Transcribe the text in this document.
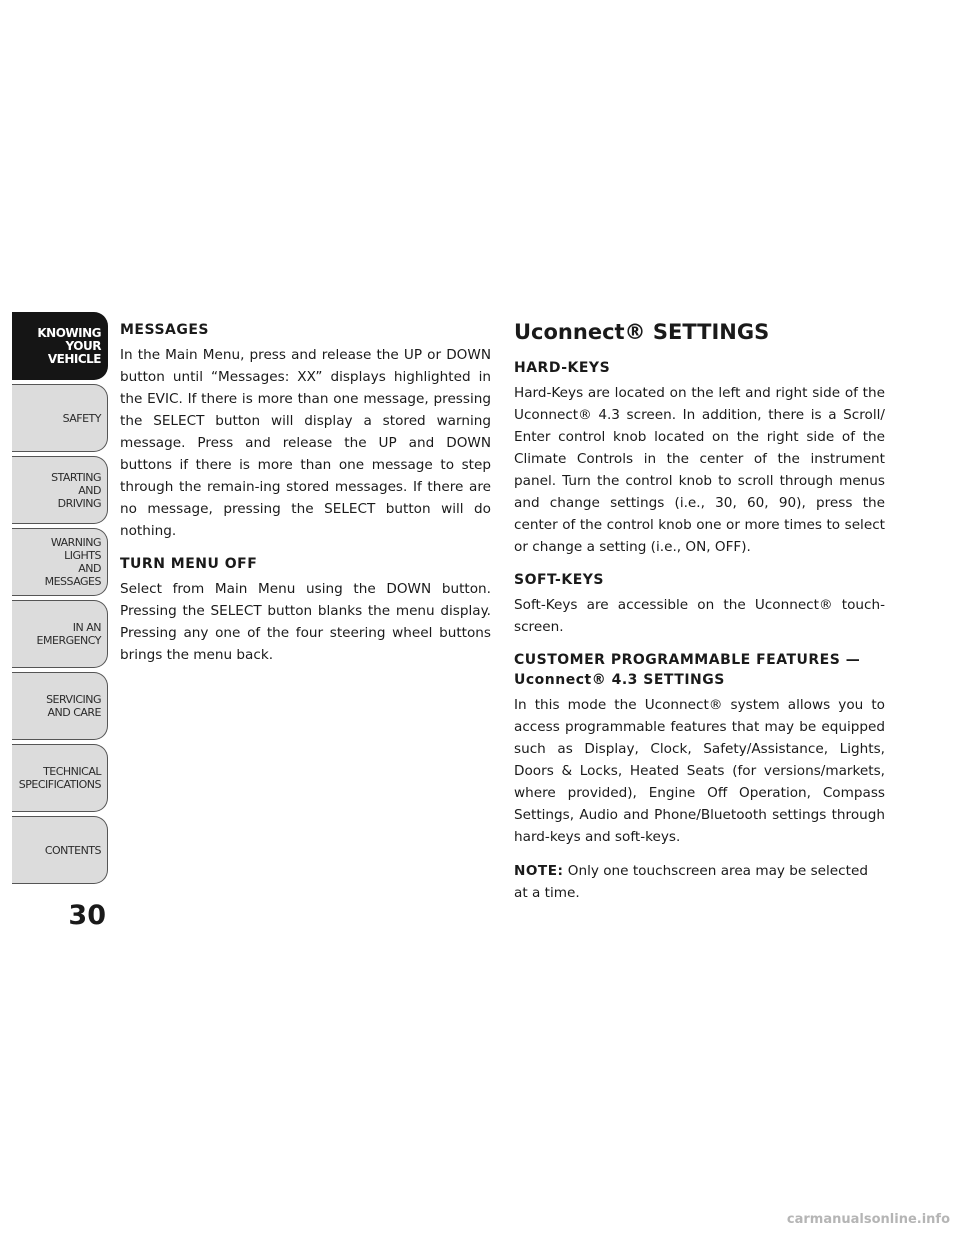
KNOWING
YOUR
VEHICLE
SAFETY
STARTING
AND
DRIVING
WARNING
LIGHTS
AND
MESSAGES
IN AN
EMERGENCY
SERVICING
AND CARE
TECHNICAL
SPECIFICATIONS
CONTENTS
30
MESSAGES

In the Main Menu, press and release the UP or DOWN button until “Messages: XX” displays highlighted in the EVIC. If there is more than one message, pressing the SELECT button will display a stored warning message. Press and release the UP and DOWN buttons if there is more than one message to step through the remain-ing stored messages. If there are no message, pressing the SELECT button will do nothing.

TURN MENU OFF

Select from Main Menu using the DOWN button. Pressing the SELECT button blanks the menu display. Pressing any one of the four steering wheel buttons brings the menu back.

Uconnect® SETTINGS
HARD-KEYS

Hard-Keys are located on the left and right side of the Uconnect® 4.3 screen. In addition, there is a Scroll/ Enter control knob located on the right side of the Climate Controls in the center of the instrument panel. Turn the control knob to scroll through menus and change settings (i.e., 30, 60, 90), press the center of the control knob one or more times to select or change a setting (i.e., ON, OFF).

SOFT-KEYS

Soft-Keys are accessible on the Uconnect® touch-screen.

CUSTOMER PROGRAMMABLE FEATURES —
Uconnect® 4.3 SETTINGS

In this mode the Uconnect® system allows you to access programmable features that may be equipped such as Display, Clock, Safety/Assistance, Lights, Doors & Locks, Heated Seats (for versions/markets, where provided), Engine Off Operation, Compass Settings, Audio and Phone/Bluetooth settings through hard-keys and soft-keys.

NOTE: Only one touchscreen area may be selected at a time.

carmanualsonline.info
